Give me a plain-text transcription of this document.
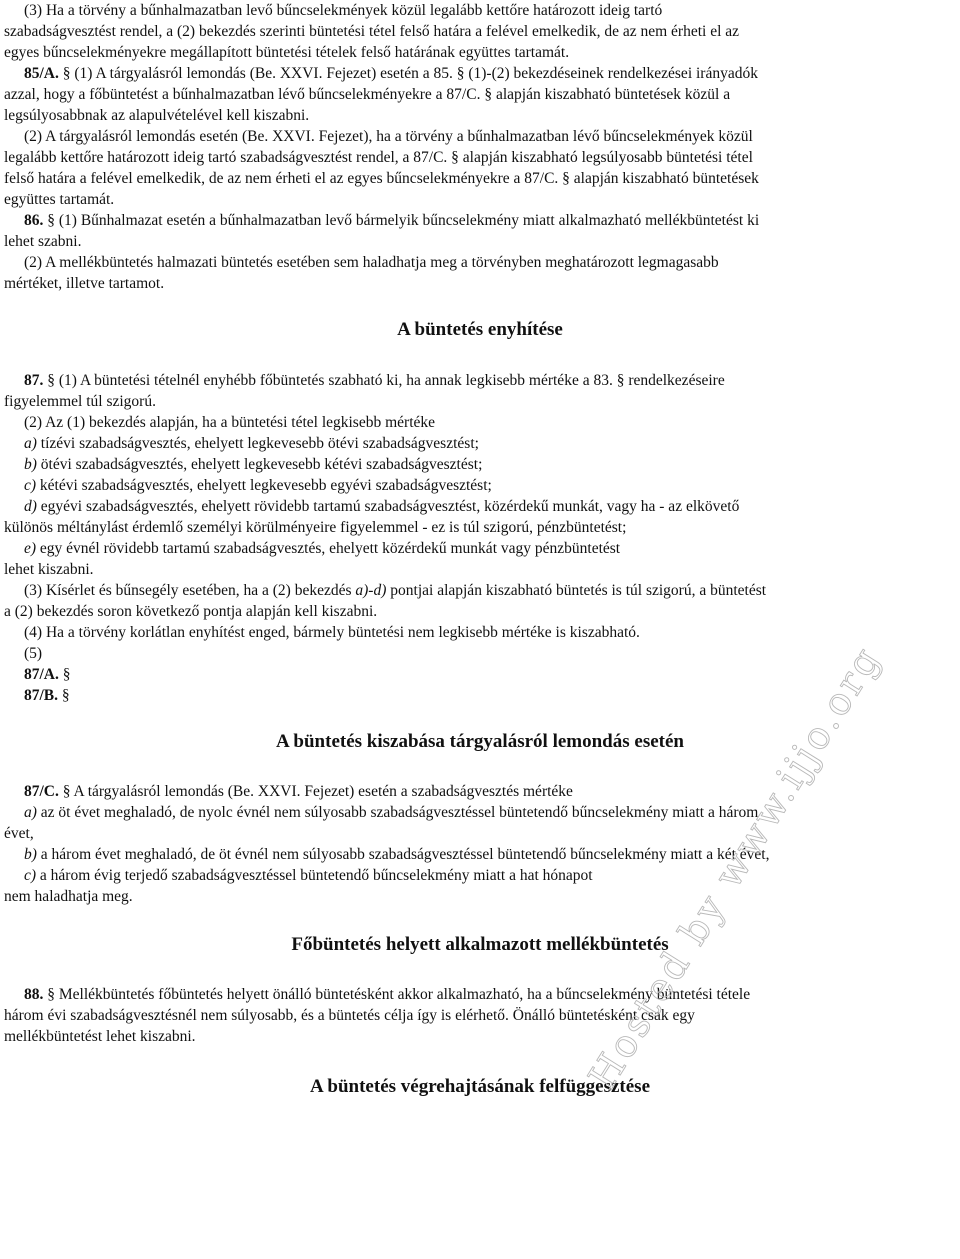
(3) Ha a törvény a bűnhalmazatban levő bűncselekmények közül legalább kettőre határozott ideig tartó
szabadságvesztést rendel, a (2) bekezdés szerinti büntetési tétel felső határa a felével emelkedik, de az nem érheti el az
egyes bűncselekményekre megállapított büntetési tételek felső határának együttes tartamát.
85/A. § (1) A tárgyalásról lemondás (Be. XXVI. Fejezet) esetén a 85. § (1)-(2) bekezdéseinek rendelkezései irányadók
azzal, hogy a főbüntetést a bűnhalmazatban lévő bűncselekményekre a 87/C. § alapján kiszabható büntetések közül a
legsúlyosabbnak az alapulvételével kell kiszabni.
(2) A tárgyalásról lemondás esetén (Be. XXVI. Fejezet), ha a törvény a bűnhalmazatban lévő bűncselekmények közül
legalább kettőre határozott ideig tartó szabadságvesztést rendel, a 87/C. § alapján kiszabható legsúlyosabb büntetési tétel
felső határa a felével emelkedik, de az nem érheti el az egyes bűncselekményekre a 87/C. § alapján kiszabható büntetések
együttes tartamát.
86. § (1) Bűnhalmazat esetén a bűnhalmazatban levő bármelyik bűncselekmény miatt alkalmazható mellékbüntetést ki
lehet szabni.
(2) A mellékbüntetés halmazati büntetés esetében sem haladhatja meg a törvényben meghatározott legmagasabb
mértéket, illetve tartamot.
A büntetés enyhítése
87. § (1) A büntetési tételnél enyhébb főbüntetés szabható ki, ha annak legkisebb mértéke a 83. § rendelkezéseire
figyelemmel túl szigorú.
(2) Az (1) bekezdés alapján, ha a büntetési tétel legkisebb mértéke
a) tízévi szabadságvesztés, ehelyett legkevesebb ötévi szabadságvesztést;
b) ötévi szabadságvesztés, ehelyett legkevesebb kétévi szabadságvesztést;
c) kétévi szabadságvesztés, ehelyett legkevesebb egyévi szabadságvesztést;
d) egyévi szabadságvesztés, ehelyett rövidebb tartamú szabadságvesztést, közérdekű munkát, vagy ha - az elkövető
különös méltánylást érdemlő személyi körülményeire figyelemmel - ez is túl szigorú, pénzbüntetést;
e) egy évnél rövidebb tartamú szabadságvesztés, ehelyett közérdekű munkát vagy pénzbüntetést
lehet kiszabni.
(3) Kísérlet és bűnsegély esetében, ha a (2) bekezdés a)-d) pontjai alapján kiszabható büntetés is túl szigorú, a büntetést
a (2) bekezdés soron következő pontja alapján kell kiszabni.
(4) Ha a törvény korlátlan enyhítést enged, bármely büntetési nem legkisebb mértéke is kiszabható.
(5)
87/A. §
87/B. §
A büntetés kiszabása tárgyalásról lemondás esetén
87/C. § A tárgyalásról lemondás (Be. XXVI. Fejezet) esetén a szabadságvesztés mértéke
a) az öt évet meghaladó, de nyolc évnél nem súlyosabb szabadságvesztéssel büntetendő bűncselekmény miatt a három
évet,
b) a három évet meghaladó, de öt évnél nem súlyosabb szabadságvesztéssel büntetendő bűncselekmény miatt a két évet,
c) a három évig terjedő szabadságvesztéssel büntetendő bűncselekmény miatt a hat hónapot
nem haladhatja meg.
Főbüntetés helyett alkalmazott mellékbüntetés
88. § Mellékbüntetés főbüntetés helyett önálló büntetésként akkor alkalmazható, ha a bűncselekmény büntetési tétele
három évi szabadságvesztésnél nem súlyosabb, és a büntetés célja így is elérhető. Önálló büntetésként csak egy
mellékbüntetést lehet kiszabni.
A büntetés végrehajtásának felfüggesztése
Hosted by www.ijjo.org
